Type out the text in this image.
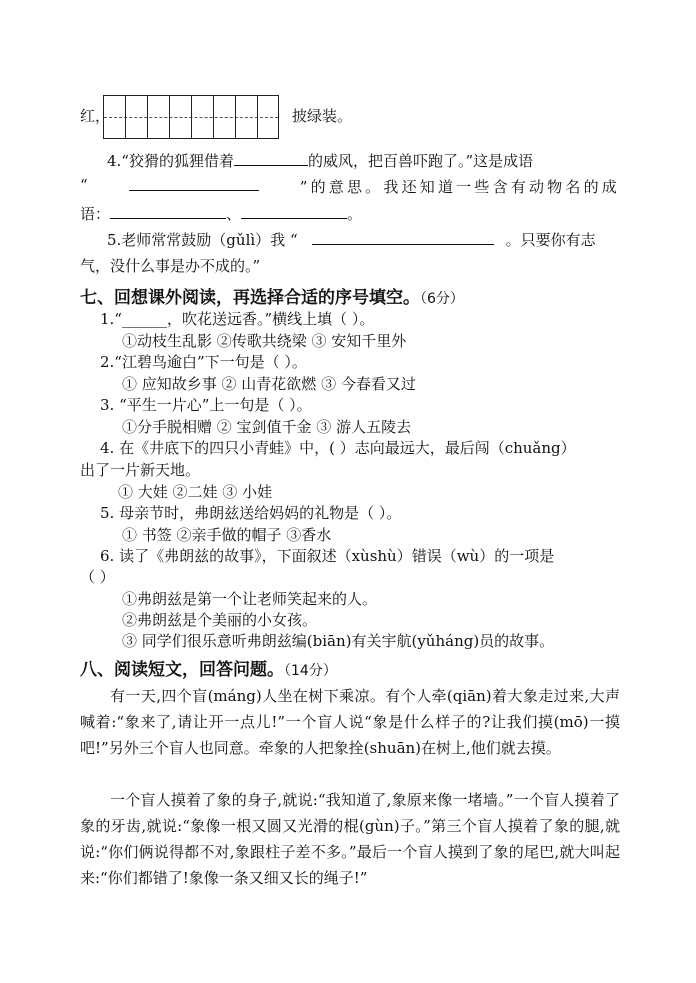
红，	披绿装。
4.“狡猾的狐狸借着	的威风，把百兽吓跑了。”这是成语
“	”的意思。我还知道一些含有动物名的成
语：	、	。
5.老师常常鼓励（gǔlì）我 “	。只要你有志
气，没什么事是办不成的。”
七、回想课外阅读，再选择合适的序号填空。（6分）
1.“______，吹花送远香。”横线上填（ ）。
①动枝生乱影 ②传歌共绕梁 ③ 安知千里外
2.“江碧鸟逾白”下一句是（ ）。
① 应知故乡事 ② 山青花欲燃 ③ 今春看又过
3. “平生一片心”上一句是（ ）。
①分手脱相赠 ② 宝剑值千金 ③ 游人五陵去
4. 在《井底下的四只小青蛙》中，( ）志向最远大，最后闯（chuǎng）
出了一片新天地。
① 大娃 ②二娃 ③ 小娃
5. 母亲节时，弗朗兹送给妈妈的礼物是（ ）。
① 书签 ②亲手做的帽子 ③香水
6. 读了《弗朗兹的故事》，下面叙述（xùshù）错误（wù）的一项是
（ ）
①弗朗兹是第一个让老师笑起来的人。
②弗朗兹是个美丽的小女孩。
③ 同学们很乐意听弗朗兹编(biān)有关宇航(yǔháng)员的故事。
八、阅读短文，回答问题。（14分）
有一天,四个盲(máng)人坐在树下乘凉。有个人牵(qiān)着大象走过来,大声喊着:“象来了,请让开一点儿!”一个盲人说“象是什么样子的?让我们摸(mō)一摸吧!”另外三个盲人也同意。牵象的人把象拴(shuān)在树上,他们就去摸。
一个盲人摸着了象的身子,就说:“我知道了,象原来像一堵墙。”一个盲人摸着了象的牙齿,就说:“象像一根又圆又光滑的棍(gùn)子。”第三个盲人摸着了象的腿,就说:“你们俩说得都不对,象跟柱子差不多。”最后一个盲人摸到了象的尾巴,就大叫起来:“你们都错了!象像一条又细又长的绳子!”
